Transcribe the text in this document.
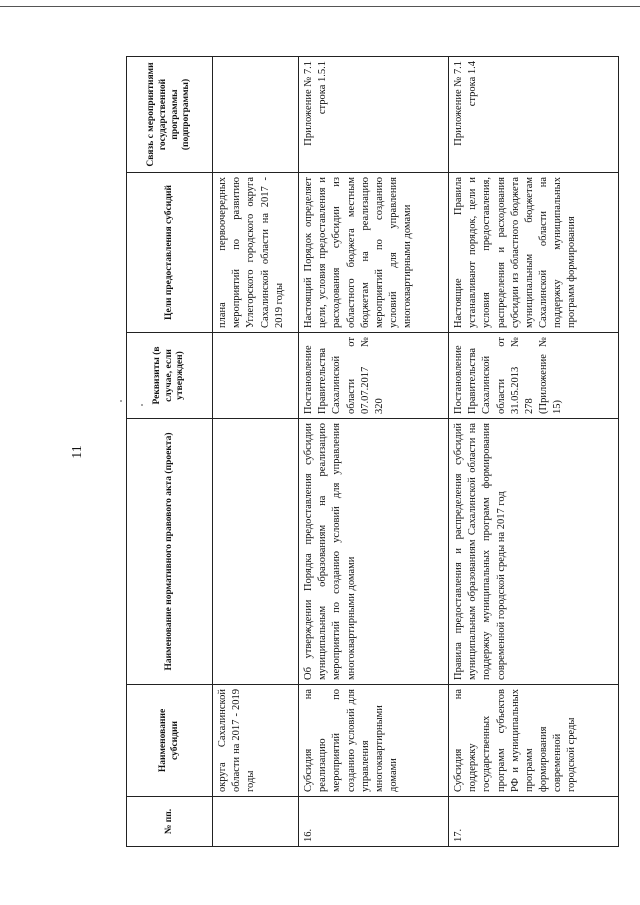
11
№ пп.	Наименование субсидии	Наименование нормативного правового акта (проекта)	Реквизиты (в случае, если утвержден)	Цели предоставления субсидий	Связь с мероприятиями государственной программы (подпрограммы)
	округа Сахалинской области на 2017 - 2019 годы			плана первоочередных мероприятий по развитию Углегорского городского округа Сахалинской области на 2017 - 2019 годы	
16.	Субсидия на реализацию мероприятий по созданию условий для управления многоквартирными домами	Об утверждении Порядка предоставления субсидии муниципальным образованиям на реализацию мероприятий по созданию условий для управления многоквартирными домами	Постановление Правительства Сахалинской области от 07.07.2017 № 320	Настоящий Порядок определяет цели, условия предоставления и расходования субсидии из областного бюджета местным бюджетам на реализацию мероприятий по созданию условий для управления многоквартирными домами	Приложение № 7.1 строка 1.5.1
17.	Субсидия на поддержку государственных программ субъектов РФ и муниципальных программ формирования современной городской среды	Правила предоставления и распределения субсидий муниципальным образованиям Сахалинской области на поддержку муниципальных программ формирования современной городской среды на 2017 год	Постановление Правительства Сахалинской области от 31.05.2013 № 278 (Приложение № 15)	Настоящие Правила устанавливают порядок, цели и условия предоставления, распределения и расходования субсидии из областного бюджета муниципальным бюджетам Сахалинской области на поддержку муниципальных программ формирования	Приложение № 7.1 строка 1.4
